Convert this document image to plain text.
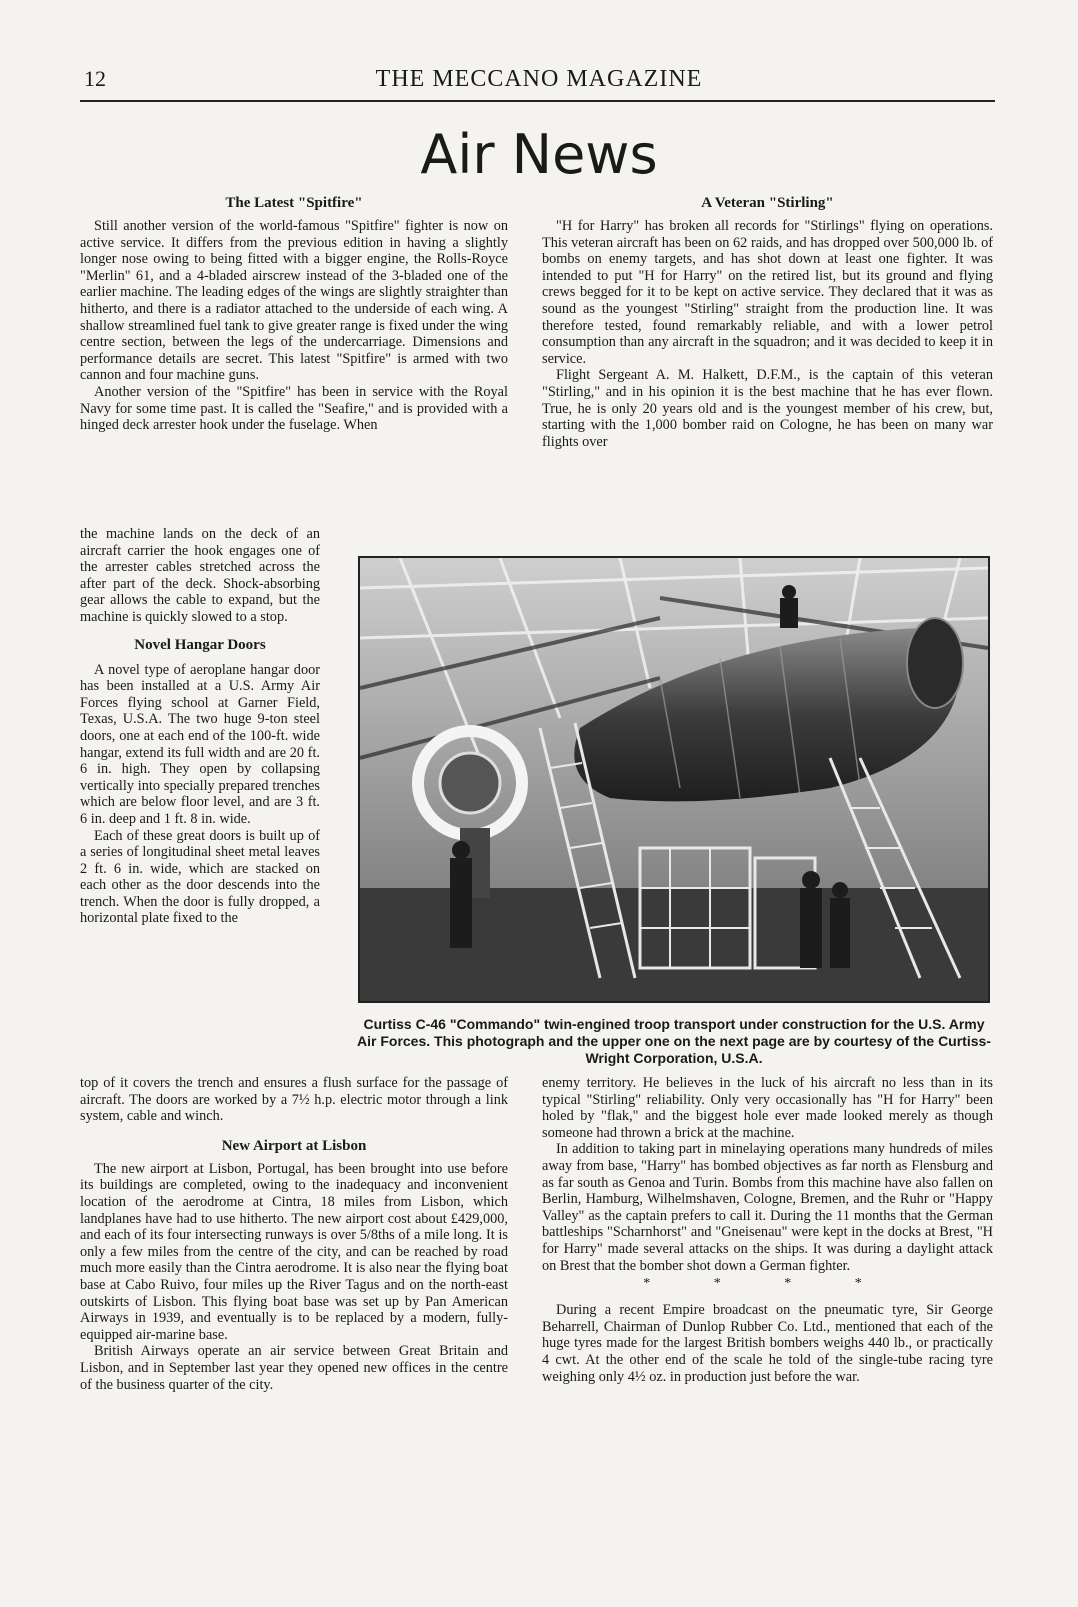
12	THE MECCANO MAGAZINE
Air News
The Latest "Spitfire"

Still another version of the world-famous "Spitfire" fighter is now on active service. It differs from the previous edition in having a slightly longer nose owing to being fitted with a bigger engine, the Rolls-Royce "Merlin" 61, and a 4-bladed airscrew instead of the 3-bladed one of the earlier machine. The leading edges of the wings are slightly straighter than hitherto, and there is a radiator attached to the underside of each wing. A shallow streamlined fuel tank to give greater range is fixed under the wing centre section, between the legs of the undercarriage. Dimensions and performance details are secret. This latest "Spitfire" is armed with two cannon and four machine guns.

Another version of the "Spitfire" has been in service with the Royal Navy for some time past. It is called the "Seafire," and is provided with a hinged deck arrester hook under the fuselage. When

the machine lands on the deck of an aircraft carrier the hook engages one of the arrester cables stretched across the after part of the deck. Shock-absorbing gear allows the cable to expand, but the machine is quickly slowed to a stop.

Novel Hangar Doors

A novel type of aeroplane hangar door has been installed at a U.S. Army Air Forces flying school at Garner Field, Texas, U.S.A. The two huge 9-ton steel doors, one at each end of the 100-ft. wide hangar, extend its full width and are 20 ft. 6 in. high. They open by collapsing vertically into specially prepared trenches which are below floor level, and are 3 ft. 6 in. deep and 1 ft. 8 in. wide.

Each of these great doors is built up of a series of longitudinal sheet metal leaves 2 ft. 6 in. wide, which are stacked on each other as the door descends into the trench. When the door is fully dropped, a horizontal plate fixed to the

top of it covers the trench and ensures a flush surface for the passage of aircraft. The doors are worked by a 7½ h.p. electric motor through a link system, cable and winch.

New Airport at Lisbon

The new airport at Lisbon, Portugal, has been brought into use before its buildings are completed, owing to the inadequacy and inconvenient location of the aerodrome at Cintra, 18 miles from Lisbon, which landplanes have had to use hitherto. The new airport cost about £429,000, and each of its four intersecting runways is over 5/8ths of a mile long. It is only a few miles from the centre of the city, and can be reached by road much more easily than the Cintra aerodrome. It is also near the flying boat base at Cabo Ruivo, four miles up the River Tagus and on the north-east outskirts of Lisbon. This flying boat base was set up by Pan American Airways in 1939, and eventually is to be replaced by a modern, fully-equipped air-marine base.

British Airways operate an air service between Great Britain and Lisbon, and in September last year they opened new offices in the centre of the business quarter of the city.

A Veteran "Stirling"

"H for Harry" has broken all records for "Stirlings" flying on operations. This veteran aircraft has been on 62 raids, and has dropped over 500,000 lb. of bombs on enemy targets, and has shot down at least one fighter. It was intended to put "H for Harry" on the retired list, but its ground and flying crews begged for it to be kept on active service. They declared that it was as sound as the youngest "Stirling" straight from the production line. It was therefore tested, found remarkably reliable, and with a lower petrol consumption than any aircraft in the squadron; and it was decided to keep it in service.

Flight Sergeant A. M. Halkett, D.F.M., is the captain of this veteran "Stirling," and in his opinion it is the best machine that he has ever flown. True, he is only 20 years old and is the youngest member of his crew, but, starting with the 1,000 bomber raid on Cologne, he has been on many war flights over

Curtiss C-46 "Commando" twin-engined troop transport under construction for the U.S. Army Air Forces. This photograph and the upper one on the next page are by courtesy of the Curtiss-Wright Corporation, U.S.A.

enemy territory. He believes in the luck of his aircraft no less than in its typical "Stirling" reliability. Only very occasionally has "H for Harry" been holed by "flak," and the biggest hole ever made looked merely as though someone had thrown a brick at the machine.

In addition to taking part in minelaying operations many hundreds of miles away from base, "Harry" has bombed objectives as far north as Flensburg and as far south as Genoa and Turin. Bombs from this machine have also fallen on Berlin, Hamburg, Wilhelmshaven, Cologne, Bremen, and the Ruhr or "Happy Valley" as the captain prefers to call it. During the 11 months that the German battleships "Scharnhorst" and "Gneisenau" were kept in the docks at Brest, "H for Harry" made several attacks on the ships. It was during a daylight attack on Brest that the bomber shot down a German fighter.

* * * *

During a recent Empire broadcast on the pneumatic tyre, Sir George Beharrell, Chairman of Dunlop Rubber Co. Ltd., mentioned that each of the huge tyres made for the largest British bombers weighs 440 lb., or practically 4 cwt. At the other end of the scale he told of the single-tube racing tyre weighing only 4½ oz. in production just before the war.
